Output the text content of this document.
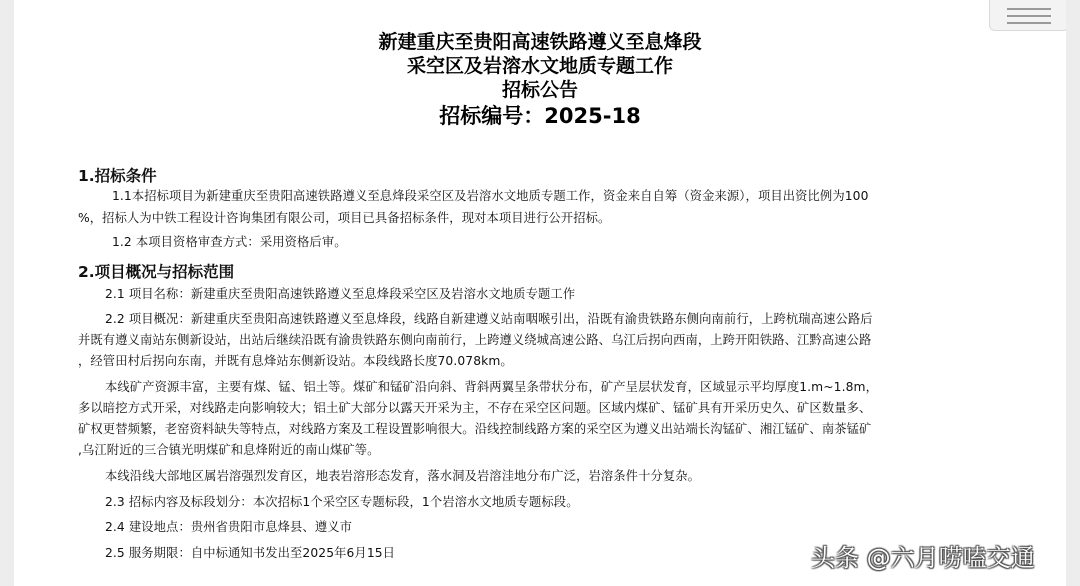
新建重庆至贵阳高速铁路遵义至息烽段
采空区及岩溶水文地质专题工作
招标公告
招标编号：2025-18
1.招标条件
1.1本招标项目为新建重庆至贵阳高速铁路遵义至息烽段采空区及岩溶水文地质专题工作，资金来自自筹（资金来源），项目出资比例为100
%，招标人为中铁工程设计咨询集团有限公司，项目已具备招标条件，现对本项目进行公开招标。
1.2 本项目资格审查方式：采用资格后审。
2.项目概况与招标范围
2.1 项目名称：新建重庆至贵阳高速铁路遵义至息烽段采空区及岩溶水文地质专题工作
2.2 项目概况：新建重庆至贵阳高速铁路遵义至息烽段，线路自新建遵义站南咽喉引出，沿既有渝贵铁路东侧向南前行，上跨杭瑞高速公路后
并既有遵义南站东侧新设站，出站后继续沿既有渝贵铁路东侧向南前行，上跨遵义绕城高速公路、乌江后拐向西南，上跨开阳铁路、江黔高速公路
，经管田村后拐向东南，并既有息烽站东侧新设站。本段线路长度70.078km。
本线矿产资源丰富，主要有煤、锰、铝土等。煤矿和锰矿沿向斜、背斜两翼呈条带状分布，矿产呈层状发育，区域显示平均厚度1.m~1.8m，
多以暗挖方式开采，对线路走向影响较大；铝土矿大部分以露天开采为主，不存在采空区问题。区域内煤矿、锰矿具有开采历史久、矿区数量多、
矿权更替频繁，老窑资料缺失等特点，对线路方案及工程设置影响很大。沿线控制线路方案的采空区为遵义出站端长沟锰矿、湘江锰矿、南茶锰矿
,乌江附近的三合镇光明煤矿和息烽附近的南山煤矿等。
本线沿线大部地区属岩溶强烈发育区，地表岩溶形态发育，落水洞及岩溶洼地分布广泛，岩溶条件十分复杂。
2.3 招标内容及标段划分：本次招标1个采空区专题标段，1个岩溶水文地质专题标段。
2.4 建设地点：贵州省贵阳市息烽县、遵义市
2.5 服务期限：自中标通知书发出至2025年6月15日	头条 @六月唠嗑交通
